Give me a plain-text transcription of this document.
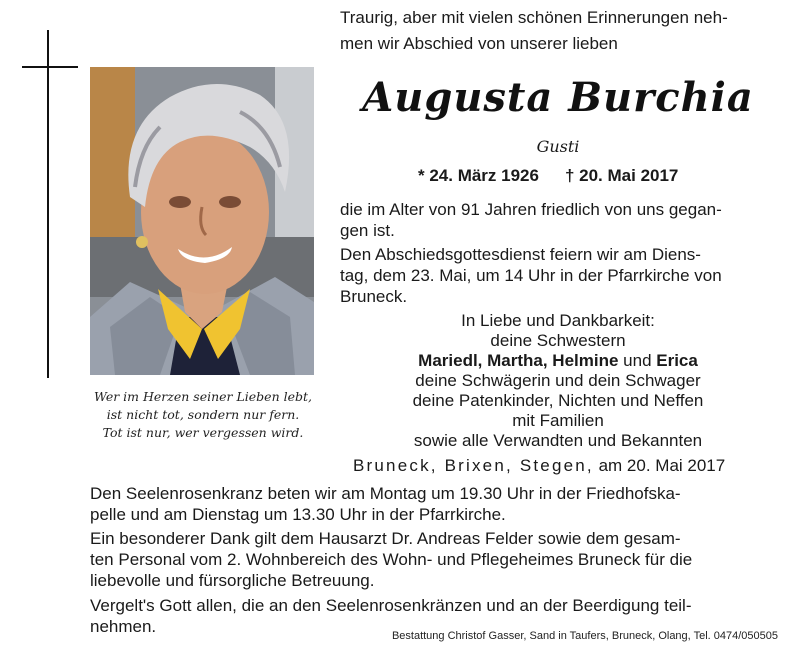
Wer im Herzen seiner Lieben lebt,
ist nicht tot, sondern nur fern.
Tot ist nur, wer vergessen wird.
Traurig, aber mit vielen schönen Erinnerungen neh-
men wir Abschied von unserer lieben
Augusta Burchia
Gusti
* 24. März 1926 † 20. Mai 2017
die im Alter von 91 Jahren friedlich von uns gegan-
gen ist.
Den Abschiedsgottesdienst feiern wir am Diens-
tag, dem 23. Mai, um 14 Uhr in der Pfarrkirche von
Bruneck.
In Liebe und Dankbarkeit:
deine Schwestern
Mariedl, Martha, Helmine und Erica
deine Schwägerin und dein Schwager
deine Patenkinder, Nichten und Neffen
mit Familien
sowie alle Verwandten und Bekannten
Bruneck, Brixen, Stegen, am 20. Mai 2017
Den Seelenrosenkranz beten wir am Montag um 19.30 Uhr in der Friedhofska-
pelle und am Dienstag um 13.30 Uhr in der Pfarrkirche.
Ein besonderer Dank gilt dem Hausarzt Dr. Andreas Felder sowie dem gesam-
ten Personal vom 2. Wohnbereich des Wohn- und Pflegeheimes Bruneck für die
liebevolle und fürsorgliche Betreuung.
Vergelt's Gott allen, die an den Seelenrosenkränzen und an der Beerdigung teil-
nehmen.	Bestattung Christof Gasser, Sand in Taufers, Bruneck, Olang, Tel. 0474/050505
